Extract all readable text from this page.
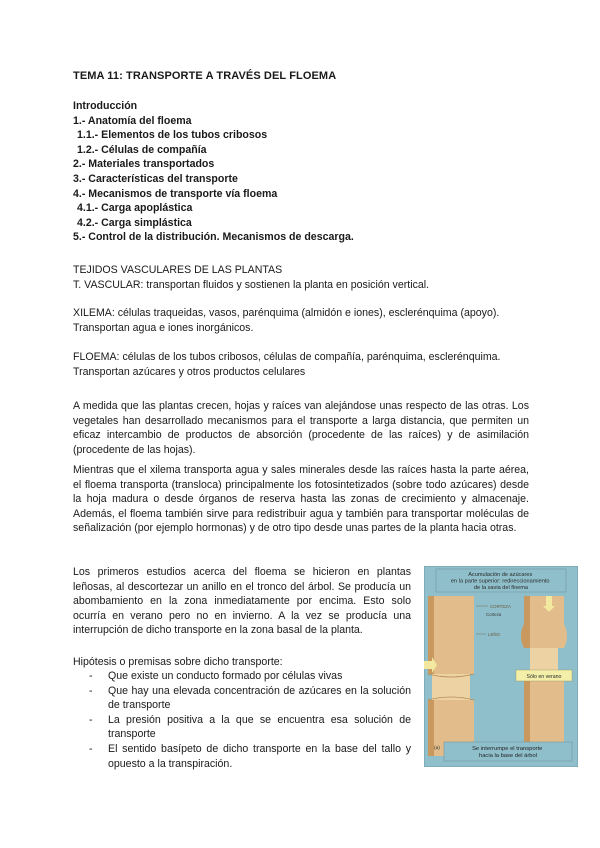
TEMA 11: TRANSPORTE A TRAVÉS DEL FLOEMA
Introducción
1.- Anatomía del floema
1.1.- Elementos de los tubos cribosos
1.2.- Células de compañía
2.- Materiales transportados
3.- Características del transporte
4.- Mecanismos de transporte vía floema
4.1.- Carga apoplástica
4.2.- Carga simplástica
5.- Control de la distribución. Mecanismos de descarga.
TEJIDOS VASCULARES DE LAS PLANTAS
T. VASCULAR: transportan fluidos y sostienen la planta en posición vertical.
XILEMA: células traqueidas, vasos, parénquima (almidón e iones), esclerénquima (apoyo). Transportan agua e iones inorgánicos.
FLOEMA: células de los tubos cribosos, células de compañía, parénquima, esclerénquima. Transportan azúcares y otros productos celulares

A medida que las plantas crecen, hojas y raíces van alejándose unas respecto de las otras. Los vegetales han desarrollado mecanismos para el transporte a larga distancia, que permiten un eficaz intercambio de productos de absorción (procedente de las raíces) y de asimilación (procedente de las hojas).

Mientras que el xilema transporta agua y sales minerales desde las raíces hasta la parte aérea, el floema transporta (transloca) principalmente los fotosintetizados (sobre todo azúcares) desde la hoja madura o desde órganos de reserva hasta las zonas de crecimiento y almacenaje. Además, el floema también sirve para redistribuir agua y también para transportar moléculas de señalización (por ejemplo hormonas) y de otro tipo desde unas partes de la planta hacia otras.

Los primeros estudios acerca del floema se hicieron en plantas leñosas, al descortezar un anillo en el tronco del árbol. Se producía un abombamiento en la zona inmediatamente por encima. Esto solo ocurría en verano pero no en invierno. A la vez se producía una interrupción de dicho transporte en la zona basal de la planta.

Hipótesis o premisas sobre dicho transporte:
- Que existe un conducto formado por células vivas
- Que hay una elevada concentración de azúcares en la solución de transporte
- La presión positiva a la que se encuentra esa solución de transporte
- El sentido basípeto de dicho transporte en la base del tallo y opuesto a la transpiración.
Acumulación de azúcares en la parte superior: redireccionamiento de la savia del floema
CORTEZA
Corteza
LEÑO
Sólo en verano
(a)	Se interrumpe el transporte hacia la base del árbol
